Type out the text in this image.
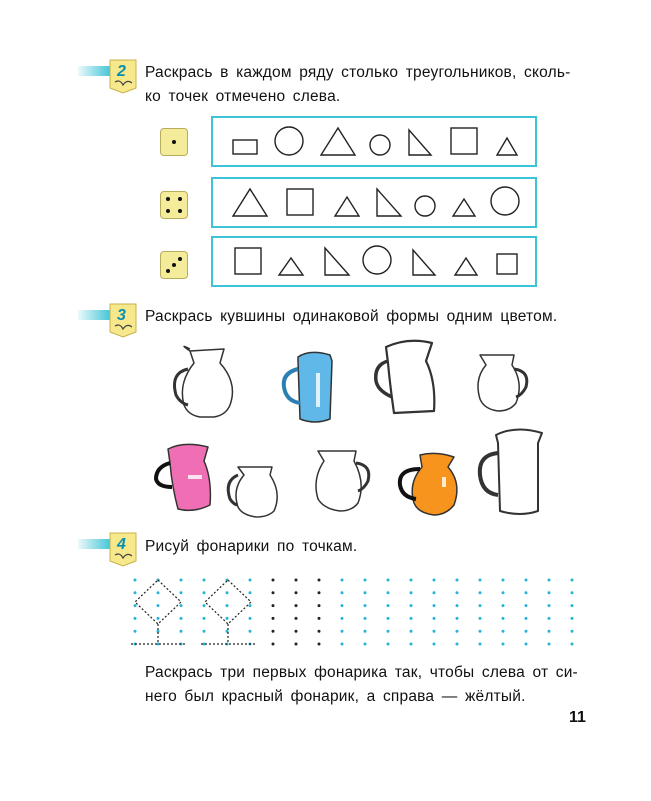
2 Раскрась в каждом ряду столько треугольников, сколь-
ко точек отмечено слева.
3 Раскрась кувшины одинаковой формы одним цветом.
4 Рисуй фонарики по точкам.
Раскрась три первых фонарика так, чтобы слева от си-
него был красный фонарик, а справа — жёлтый.
11
